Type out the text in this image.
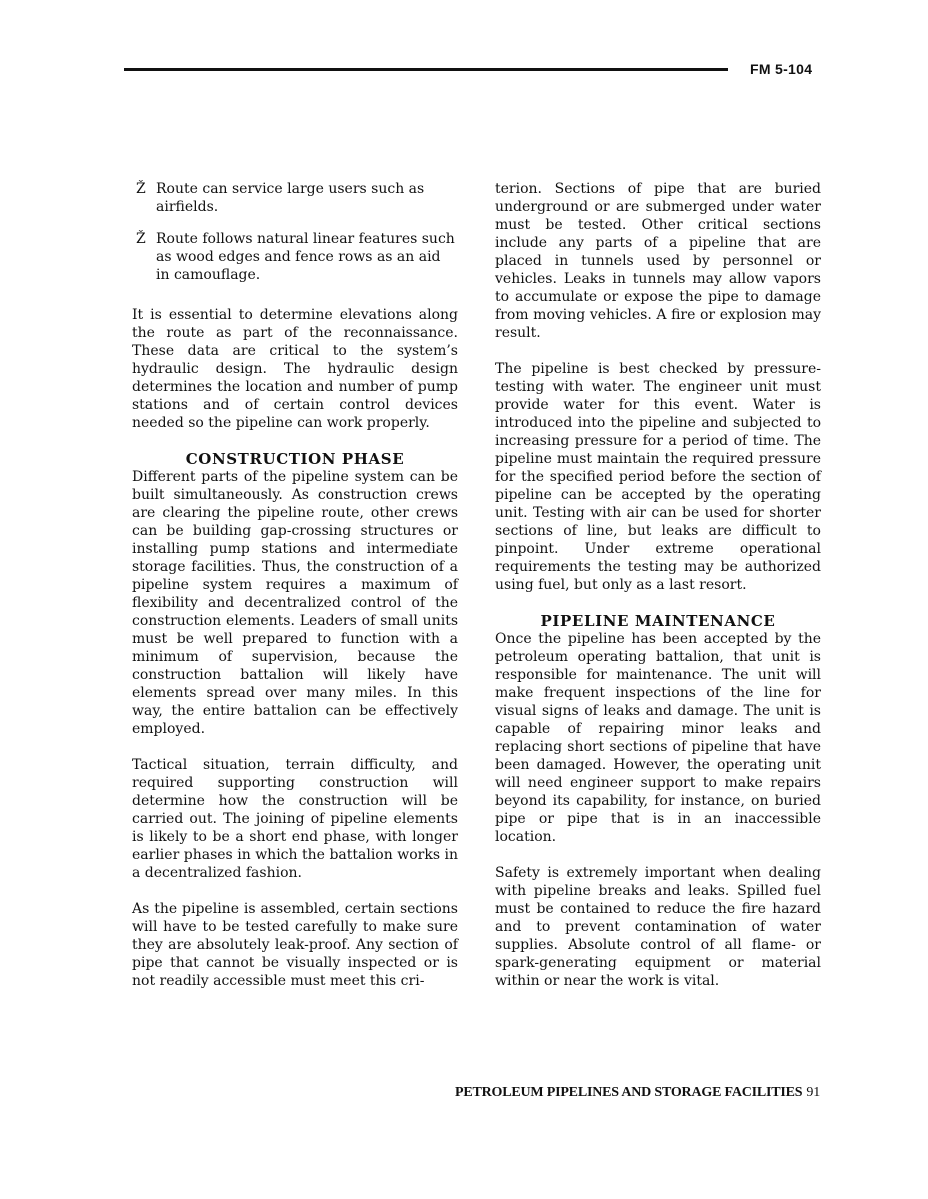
FM 5-104
Ž Route can service large users such as airfields.
Ž Route follows natural linear features such as wood edges and fence rows as an aid in camouflage.

It is essential to determine elevations along the route as part of the reconnaissance. These data are critical to the system’s hydraulic design. The hydraulic design determines the location and number of pump stations and of certain control devices needed so the pipeline can work properly.

CONSTRUCTION PHASE

Different parts of the pipeline system can be built simultaneously. As construction crews are clearing the pipeline route, other crews can be building gap-crossing structures or installing pump stations and intermediate storage facilities. Thus, the construction of a pipeline system requires a maximum of flexibility and decentralized control of the construction elements. Leaders of small units must be well prepared to function with a minimum of supervision, because the construction battalion will likely have elements spread over many miles. In this way, the entire battalion can be effectively employed.

Tactical situation, terrain difficulty, and required supporting construction will determine how the construction will be carried out. The joining of pipeline elements is likely to be a short end phase, with longer earlier phases in which the battalion works in a decentralized fashion.

As the pipeline is assembled, certain sections will have to be tested carefully to make sure they are absolutely leak-proof. Any section of pipe that cannot be visually inspected or is not readily accessible must meet this cri-

terion. Sections of pipe that are buried underground or are submerged under water must be tested. Other critical sections include any parts of a pipeline that are placed in tunnels used by personnel or vehicles. Leaks in tunnels may allow vapors to accumulate or expose the pipe to damage from moving vehicles. A fire or explosion may result.

The pipeline is best checked by pressure-testing with water. The engineer unit must provide water for this event. Water is introduced into the pipeline and subjected to increasing pressure for a period of time. The pipeline must maintain the required pressure for the specified period before the section of pipeline can be accepted by the operating unit. Testing with air can be used for shorter sections of line, but leaks are difficult to pinpoint. Under extreme operational requirements the testing may be authorized using fuel, but only as a last resort.

PIPELINE MAINTENANCE

Once the pipeline has been accepted by the petroleum operating battalion, that unit is responsible for maintenance. The unit will make frequent inspections of the line for visual signs of leaks and damage. The unit is capable of repairing minor leaks and replacing short sections of pipeline that have been damaged. However, the operating unit will need engineer support to make repairs beyond its capability, for instance, on buried pipe or pipe that is in an inaccessible location.

Safety is extremely important when dealing with pipeline breaks and leaks. Spilled fuel must be contained to reduce the fire hazard and to prevent contamination of water supplies. Absolute control of all flame- or spark-generating equipment or material within or near the work is vital.

PETROLEUM PIPELINES AND STORAGE FACILITIES 91
